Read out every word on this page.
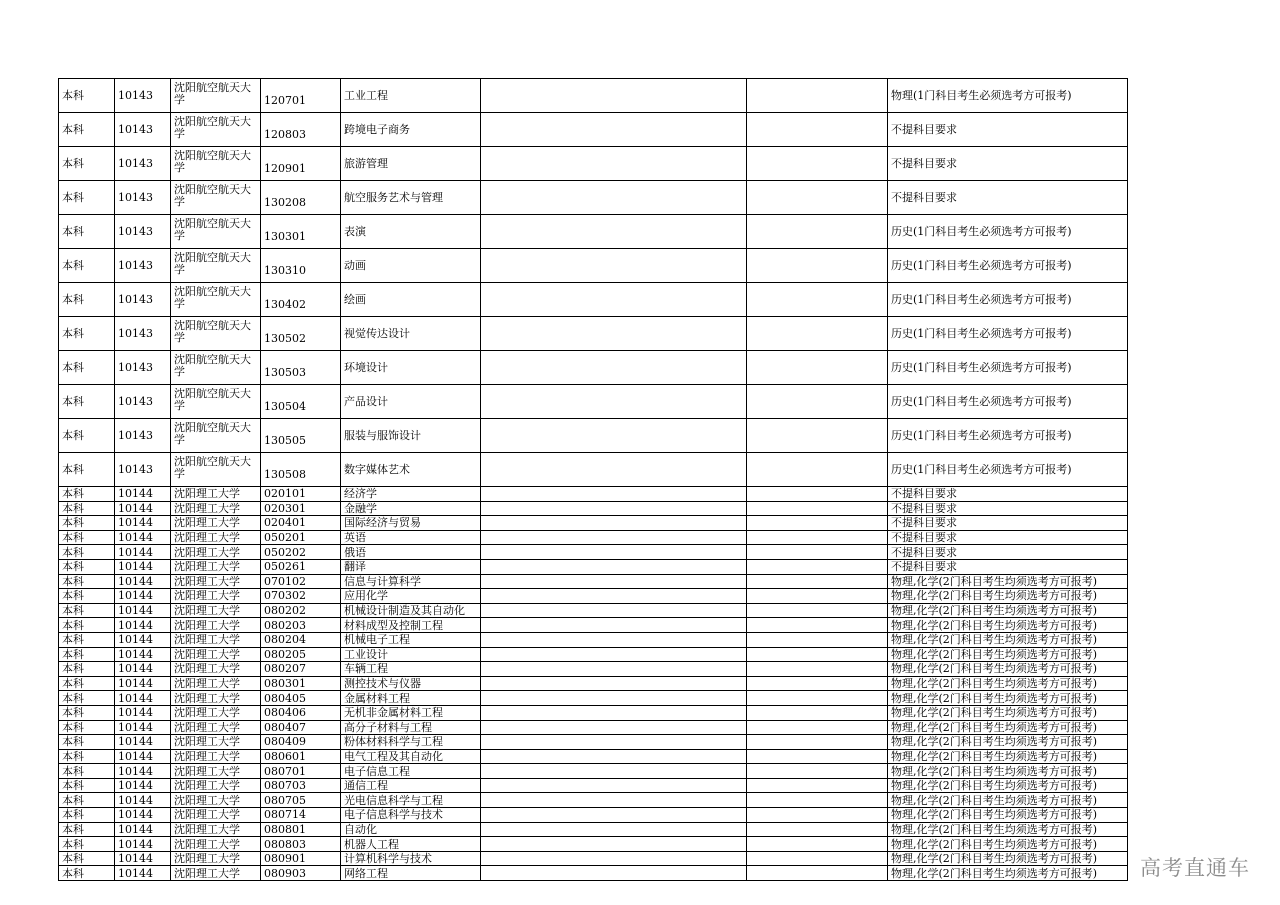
本科	10143	沈阳航空航天大学	120701	工业工程			物理(1门科目考生必须选考方可报考)
本科	10143	沈阳航空航天大学	120803	跨境电子商务			不提科目要求
本科	10143	沈阳航空航天大学	120901	旅游管理			不提科目要求
本科	10143	沈阳航空航天大学	130208	航空服务艺术与管理			不提科目要求
本科	10143	沈阳航空航天大学	130301	表演			历史(1门科目考生必须选考方可报考)
本科	10143	沈阳航空航天大学	130310	动画			历史(1门科目考生必须选考方可报考)
本科	10143	沈阳航空航天大学	130402	绘画			历史(1门科目考生必须选考方可报考)
本科	10143	沈阳航空航天大学	130502	视觉传达设计			历史(1门科目考生必须选考方可报考)
本科	10143	沈阳航空航天大学	130503	环境设计			历史(1门科目考生必须选考方可报考)
本科	10143	沈阳航空航天大学	130504	产品设计			历史(1门科目考生必须选考方可报考)
本科	10143	沈阳航空航天大学	130505	服装与服饰设计			历史(1门科目考生必须选考方可报考)
本科	10143	沈阳航空航天大学	130508	数字媒体艺术			历史(1门科目考生必须选考方可报考)
本科	10144	沈阳理工大学	020101	经济学			不提科目要求
本科	10144	沈阳理工大学	020301	金融学			不提科目要求
本科	10144	沈阳理工大学	020401	国际经济与贸易			不提科目要求
本科	10144	沈阳理工大学	050201	英语			不提科目要求
本科	10144	沈阳理工大学	050202	俄语			不提科目要求
本科	10144	沈阳理工大学	050261	翻译			不提科目要求
本科	10144	沈阳理工大学	070102	信息与计算科学			物理,化学(2门科目考生均须选考方可报考)
本科	10144	沈阳理工大学	070302	应用化学			物理,化学(2门科目考生均须选考方可报考)
本科	10144	沈阳理工大学	080202	机械设计制造及其自动化			物理,化学(2门科目考生均须选考方可报考)
本科	10144	沈阳理工大学	080203	材料成型及控制工程			物理,化学(2门科目考生均须选考方可报考)
本科	10144	沈阳理工大学	080204	机械电子工程			物理,化学(2门科目考生均须选考方可报考)
本科	10144	沈阳理工大学	080205	工业设计			物理,化学(2门科目考生均须选考方可报考)
本科	10144	沈阳理工大学	080207	车辆工程			物理,化学(2门科目考生均须选考方可报考)
本科	10144	沈阳理工大学	080301	测控技术与仪器			物理,化学(2门科目考生均须选考方可报考)
本科	10144	沈阳理工大学	080405	金属材料工程			物理,化学(2门科目考生均须选考方可报考)
本科	10144	沈阳理工大学	080406	无机非金属材料工程			物理,化学(2门科目考生均须选考方可报考)
本科	10144	沈阳理工大学	080407	高分子材料与工程			物理,化学(2门科目考生均须选考方可报考)
本科	10144	沈阳理工大学	080409	粉体材料科学与工程			物理,化学(2门科目考生均须选考方可报考)
本科	10144	沈阳理工大学	080601	电气工程及其自动化			物理,化学(2门科目考生均须选考方可报考)
本科	10144	沈阳理工大学	080701	电子信息工程			物理,化学(2门科目考生均须选考方可报考)
本科	10144	沈阳理工大学	080703	通信工程			物理,化学(2门科目考生均须选考方可报考)
本科	10144	沈阳理工大学	080705	光电信息科学与工程			物理,化学(2门科目考生均须选考方可报考)
本科	10144	沈阳理工大学	080714	电子信息科学与技术			物理,化学(2门科目考生均须选考方可报考)
本科	10144	沈阳理工大学	080801	自动化			物理,化学(2门科目考生均须选考方可报考)
本科	10144	沈阳理工大学	080803	机器人工程			物理,化学(2门科目考生均须选考方可报考)
本科	10144	沈阳理工大学	080901	计算机科学与技术			物理,化学(2门科目考生均须选考方可报考)
本科	10144	沈阳理工大学	080903	网络工程			物理,化学(2门科目考生均须选考方可报考) 高考直通车
